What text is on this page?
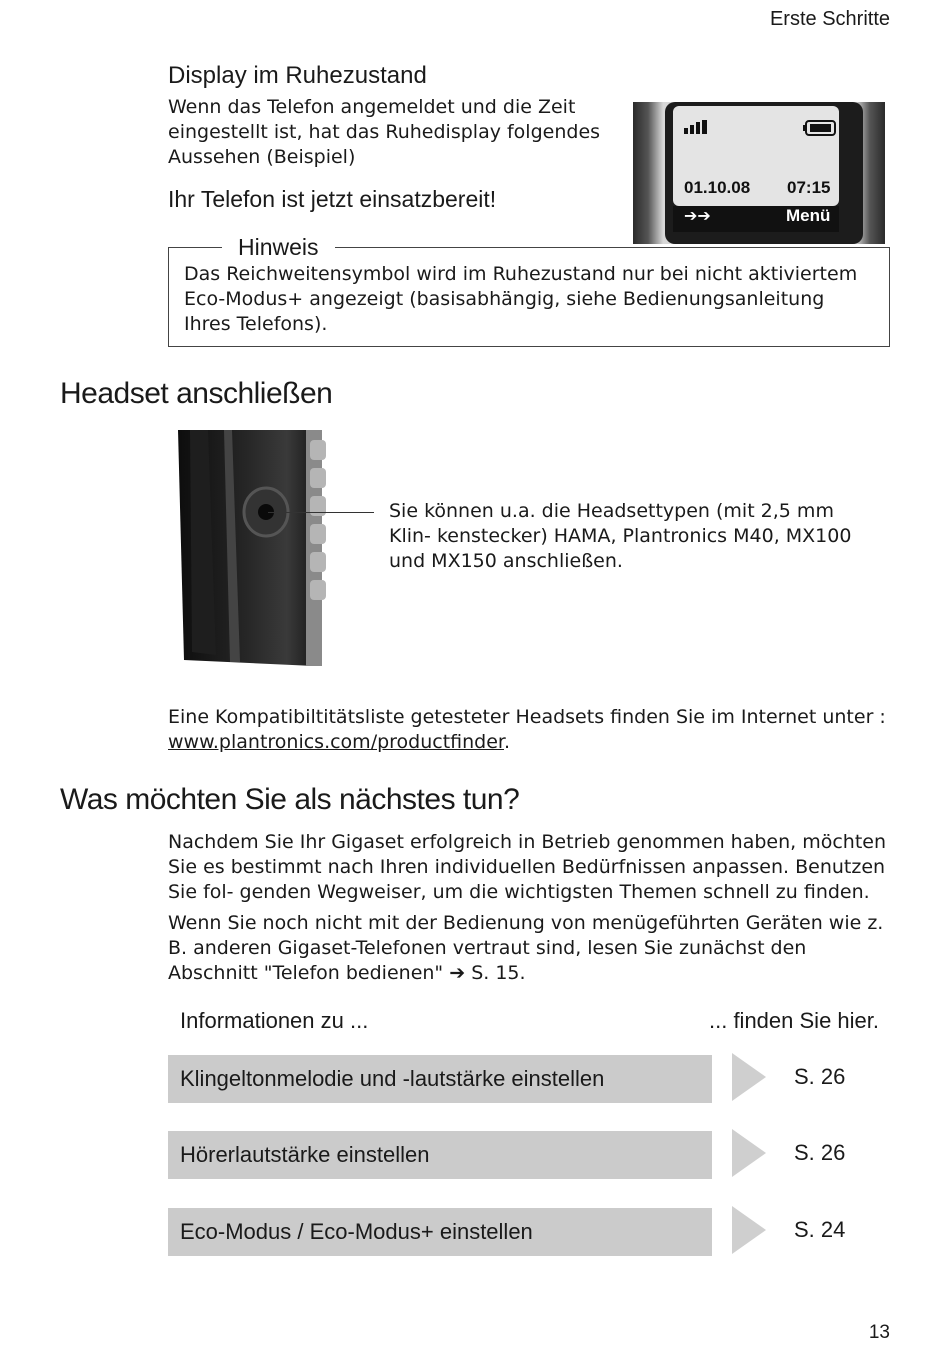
Erste Schritte
Display im Ruhezustand
Wenn das Telefon angemeldet und die Zeit eingestellt ist, hat das Ruhedisplay folgendes Aussehen (Beispiel)
Ihr Telefon ist jetzt einsatzbereit!	01.10.08 07:15
➔➔	Menü
Hinweis
Das Reichweitensymbol wird im Ruhezustand nur bei nicht aktiviertem Eco-Modus+ angezeigt (basisabhängig, siehe Bedienungsanleitung Ihres Telefons).
Headset anschließen
Sie können u.a. die Headsettypen (mit 2,5 mm Klin- kenstecker) HAMA, Plantronics M40, MX100 und MX150 anschließen.
Eine Kompatibiltitätsliste getesteter Headsets finden Sie im Internet unter :
www.plantronics.com/productfinder.
Was möchten Sie als nächstes tun?
Nachdem Sie Ihr Gigaset erfolgreich in Betrieb genommen haben, möchten Sie es bestimmt nach Ihren individuellen Bedürfnissen anpassen. Benutzen Sie fol- genden Wegweiser, um die wichtigsten Themen schnell zu finden.
Wenn Sie noch nicht mit der Bedienung von menügeführten Geräten wie z. B. anderen Gigaset-Telefonen vertraut sind, lesen Sie zunächst den Abschnitt "Telefon bedienen" ➔ S. 15.
Informationen zu ...	... finden Sie hier.
Klingeltonmelodie und -lautstärke einstellen	S. 26
Hörerlautstärke einstellen	S. 26
Eco-Modus / Eco-Modus+ einstellen	S. 24
13
